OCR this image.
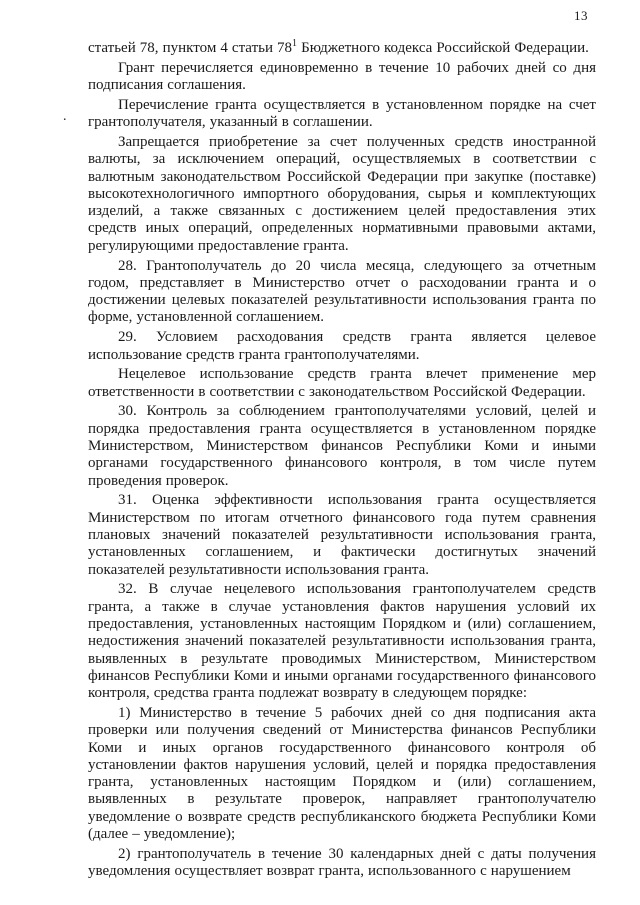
13
.

статьей 78, пунктом 4 статьи $78^1$ Бюджетного кодекса Российской Федерации.

Грант перечисляется единовременно в течение 10 рабочих дней со дня подписания соглашения.

Перечисление гранта осуществляется в установленном порядке на счет грантополучателя, указанный в соглашении.

Запрещается приобретение за счет полученных средств иностранной валюты, за исключением операций, осуществляемых в соответствии с валютным законодательством Российской Федерации при закупке (поставке) высокотехнологичного импортного оборудования, сырья и комплектующих изделий, а также связанных с достижением целей предоставления этих средств иных операций, определенных нормативными правовыми актами, регулирующими предоставление гранта.

28. Грантополучатель до 20 числа месяца, следующего за отчетным годом, представляет в Министерство отчет о расходовании гранта и о достижении целевых показателей результативности использования гранта по форме, установленной соглашением.

29. Условием расходования средств гранта является целевое использование средств гранта грантополучателями.

Нецелевое использование средств гранта влечет применение мер ответственности в соответствии с законодательством Российской Федерации.

30. Контроль за соблюдением грантополучателями условий, целей и порядка предоставления гранта осуществляется в установленном порядке Министерством, Министерством финансов Республики Коми и иными органами государственного финансового контроля, в том числе путем проведения проверок.

31. Оценка эффективности использования гранта осуществляется Министерством по итогам отчетного финансового года путем сравнения плановых значений показателей результативности использования гранта, установленных соглашением, и фактически достигнутых значений показателей результативности использования гранта.

32. В случае нецелевого использования грантополучателем средств гранта, а также в случае установления фактов нарушения условий их предоставления, установленных настоящим Порядком и (или) соглашением, недостижения значений показателей результативности использования гранта, выявленных в результате проводимых Министерством, Министерством финансов Республики Коми и иными органами государственного финансового контроля, средства гранта подлежат возврату в следующем порядке:

1) Министерство в течение 5 рабочих дней со дня подписания акта проверки или получения сведений от Министерства финансов Республики Коми и иных органов государственного финансового контроля об установлении фактов нарушения условий, целей и порядка предоставления гранта, установленных настоящим Порядком и (или) соглашением, выявленных в результате проверок, направляет грантополучателю уведомление о возврате средств республиканского бюджета Республики Коми (далее – уведомление);

2) грантополучатель в течение 30 календарных дней с даты получения уведомления осуществляет возврат гранта, использованного с нарушением
